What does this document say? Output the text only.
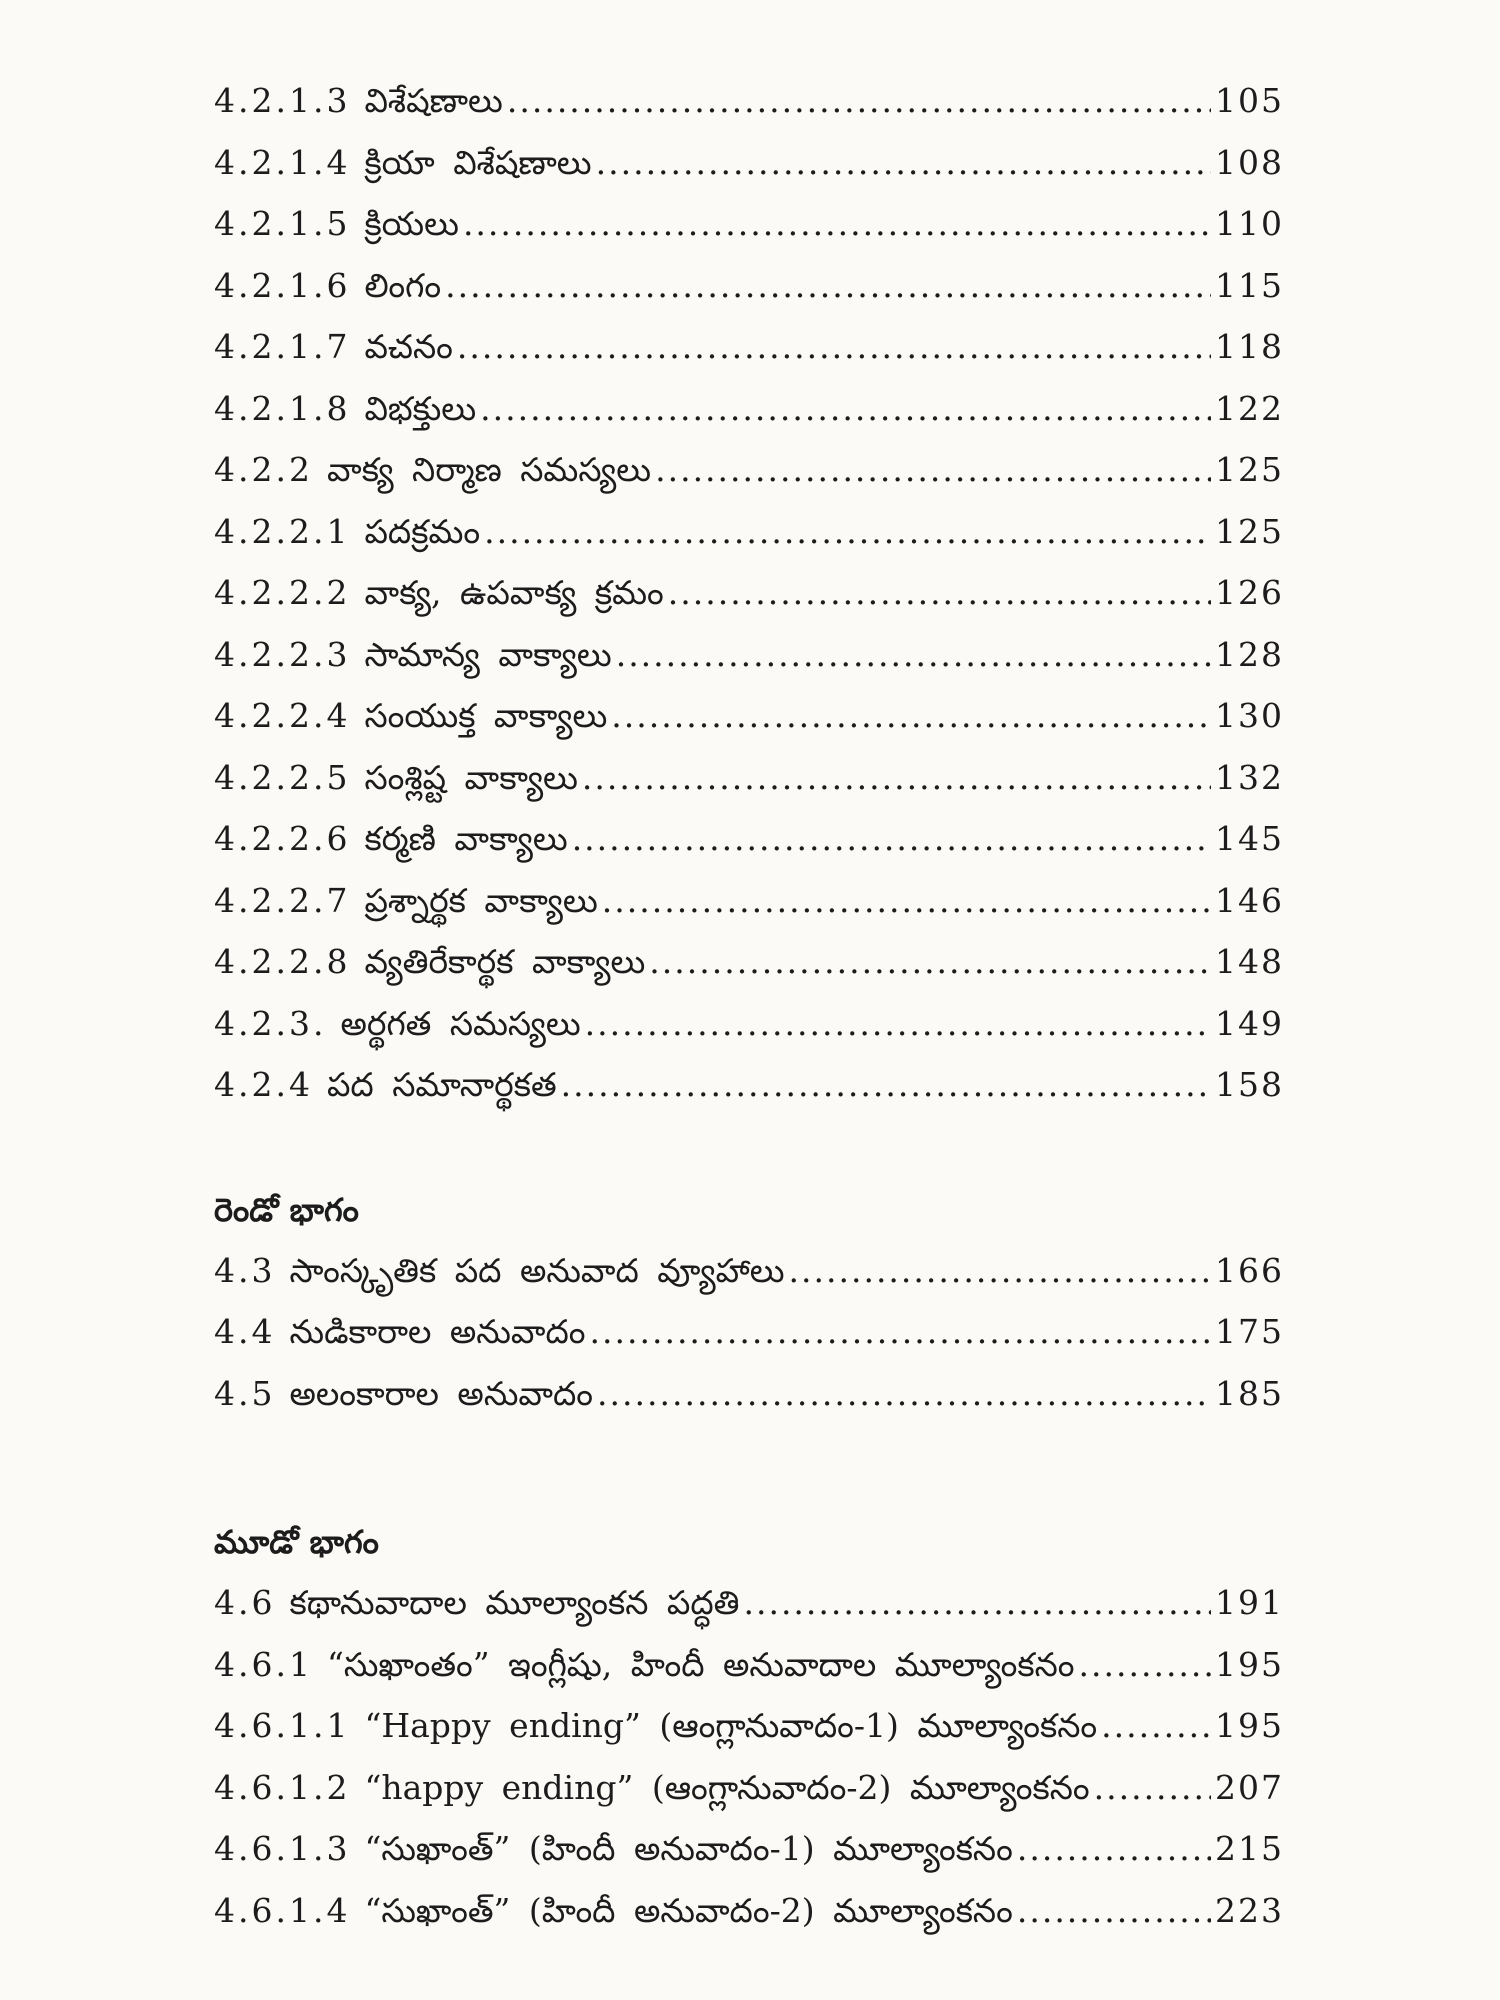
4.2.1.3 విశేషణాలు .....	105
4.2.1.4 క్రియా విశేషణాలు .....	108
4.2.1.5 క్రియలు .....	110
4.2.1.6 లింగం .....	115
4.2.1.7 వచనం .....	118
4.2.1.8 విభక్తులు .....	122
4.2.2 వాక్య నిర్మాణ సమస్యలు .....	125
4.2.2.1 పదక్రమం .....	125
4.2.2.2 వాక్య, ఉపవాక్య క్రమం .....	126
4.2.2.3 సామాన్య వాక్యాలు .....	128
4.2.2.4 సంయుక్త వాక్యాలు .....	130
4.2.2.5 సంశ్లిష్ట వాక్యాలు .....	132
4.2.2.6 కర్మణి వాక్యాలు .....	145
4.2.2.7 ప్రశ్నార్థక వాక్యాలు .....	146
4.2.2.8 వ్యతిరేకార్థక వాక్యాలు .....	148
4.2.3. అర్థగత సమస్యలు .....	149
4.2.4 పద సమానార్థకత .....	158
రెండో భాగం
4.3 సాంస్కృతిక పద అనువాద వ్యూహాలు .....	166
4.4 నుడికారాల అనువాదం .....	175
4.5 అలంకారాల అనువాదం .....	185
మూడో భాగం
4.6 కథానువాదాల మూల్యాంకన పద్ధతి .....	191
4.6.1 “సుఖాంతం” ఇంగ్లీషు, హిందీ అనువాదాల మూల్యాంకనం .....	195
4.6.1.1 “Happy ending” (ఆంగ్లానువాదం-1) మూల్యాంకనం .....	195
4.6.1.2 “happy ending” (ఆంగ్లానువాదం-2) మూల్యాంకనం .....	207
4.6.1.3 “సుఖాంత్” (హిందీ అనువాదం-1) మూల్యాంకనం .....	215
4.6.1.4 “సుఖాంత్” (హిందీ అనువాదం-2) మూల్యాంకనం .....	223
